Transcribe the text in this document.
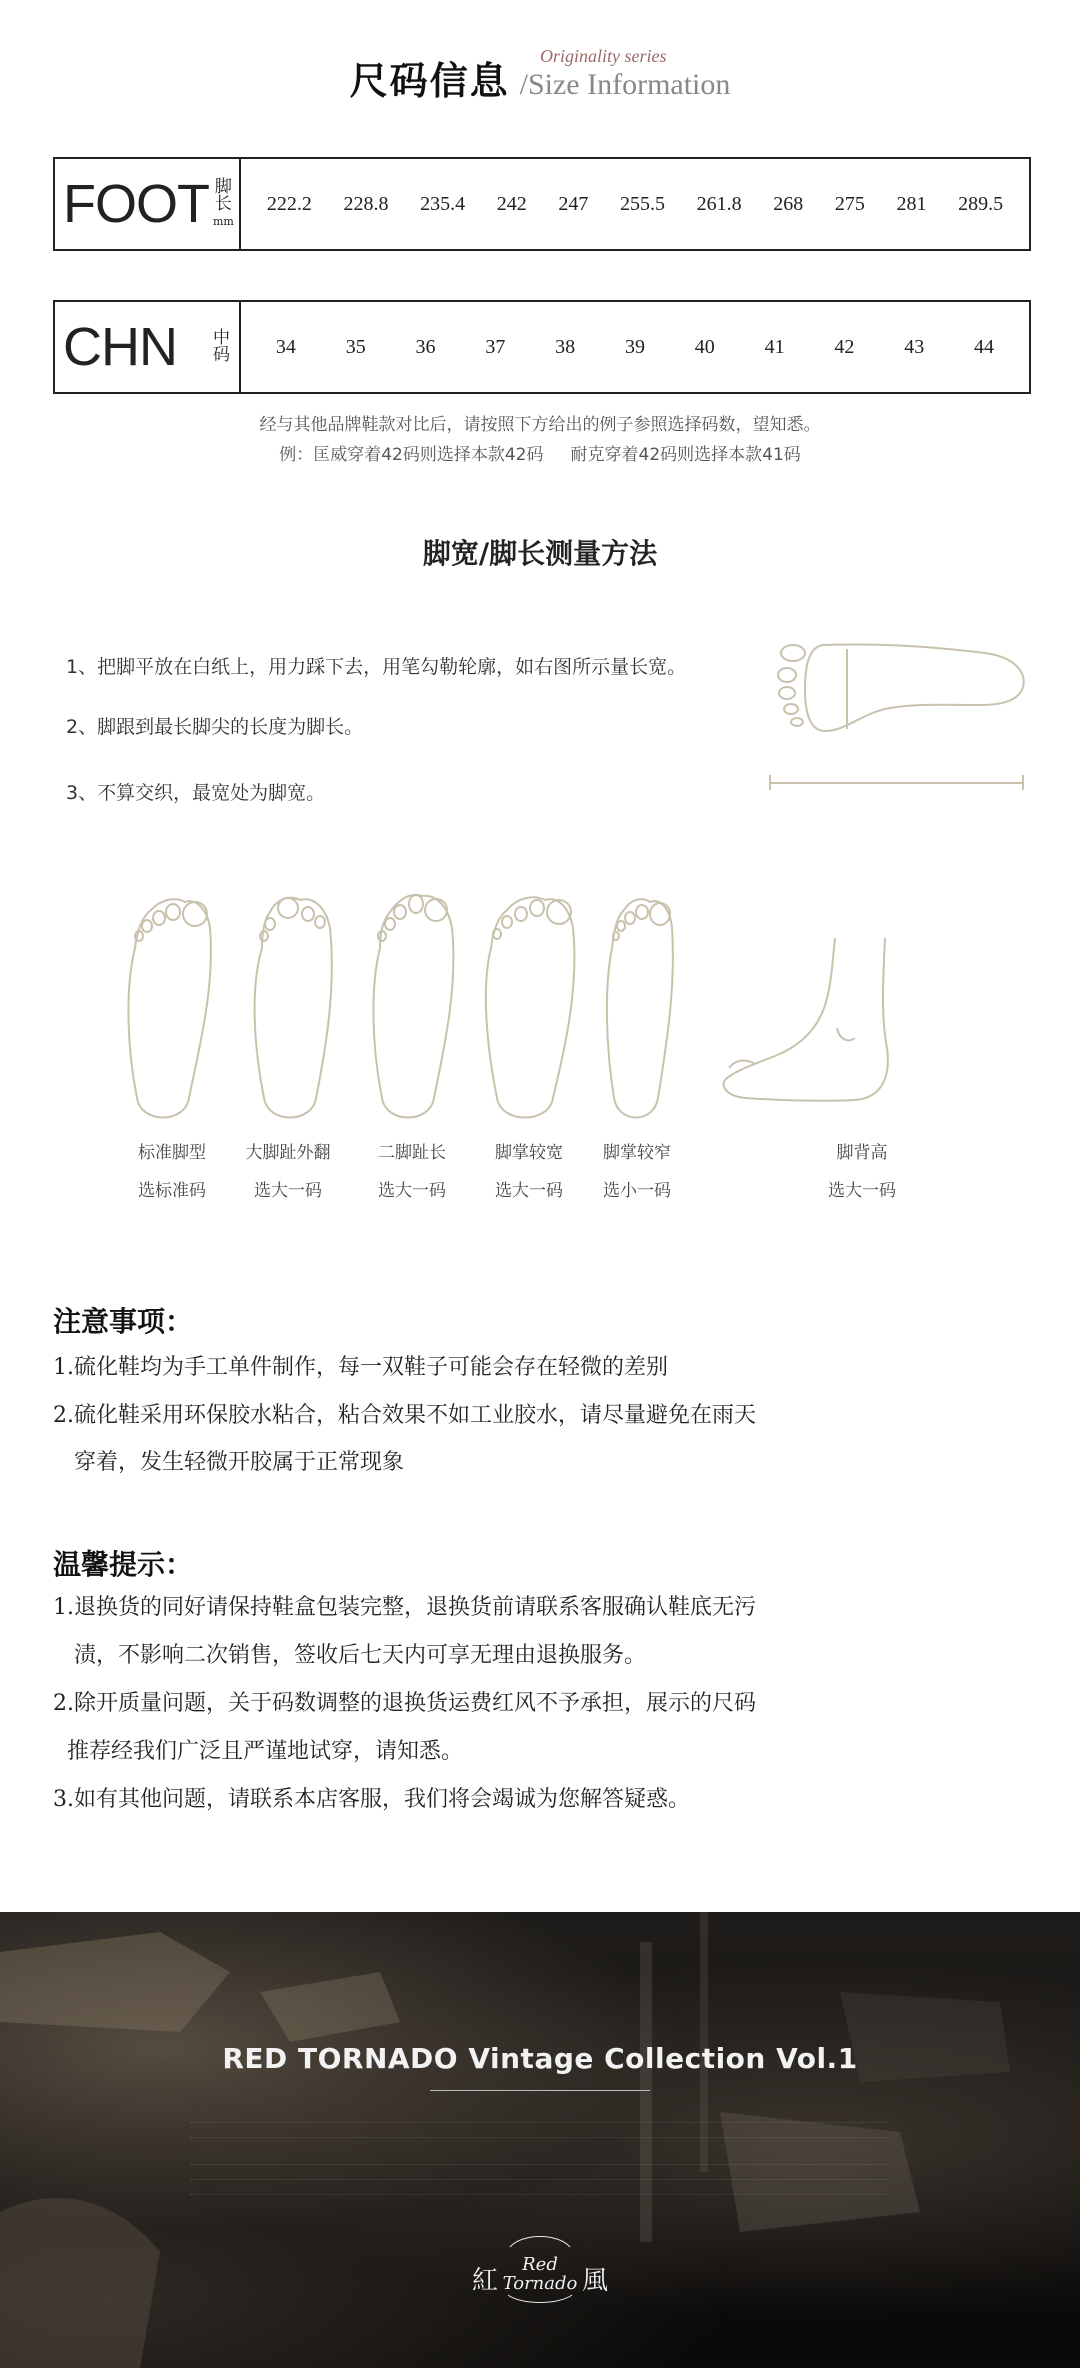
尺码信息 /Size Information
Originality series
FOOT 脚
长
mm
222.2 228.8 235.4 242 247 255.5 261.8 268 275 281 289.5
CHN 中
码 34 35 36 37 38 39 40 41 42 43 44
经与其他品牌鞋款对比后，请按照下方给出的例子参照选择码数，望知悉。
例：匡威穿着42码则选择本款42码     耐克穿着42码则选择本款41码
脚宽/脚长测量方法
1、把脚平放在白纸上，用力踩下去，用笔勾勒轮廓，如右图所示量长宽。
2、脚跟到最长脚尖的长度为脚长。
3、不算交织，最宽处为脚宽。
标准脚型
选标准码
大脚趾外翻
选大一码
二脚趾长
选大一码
脚掌较宽
选大一码
脚掌较窄
选小一码
脚背高
选大一码
注意事项：
1.硫化鞋均为手工单件制作，每一双鞋子可能会存在轻微的差别
2.硫化鞋采用环保胶水粘合，粘合效果不如工业胶水，请尽量避免在雨天
穿着，发生轻微开胶属于正常现象
温馨提示：
1.退换货的同好请保持鞋盒包装完整，退换货前请联系客服确认鞋底无污
渍，不影响二次销售，签收后七天内可享无理由退换服务。
2.除开质量问题，关于码数调整的退换货运费红风不予承担，展示的尺码
推荐经我们广泛且严谨地试穿，请知悉。
3.如有其他问题，请联系本店客服，我们将会竭诚为您解答疑惑。
RED TORNADO Vintage Collection Vol.1
Red
紅 Tornado 風
